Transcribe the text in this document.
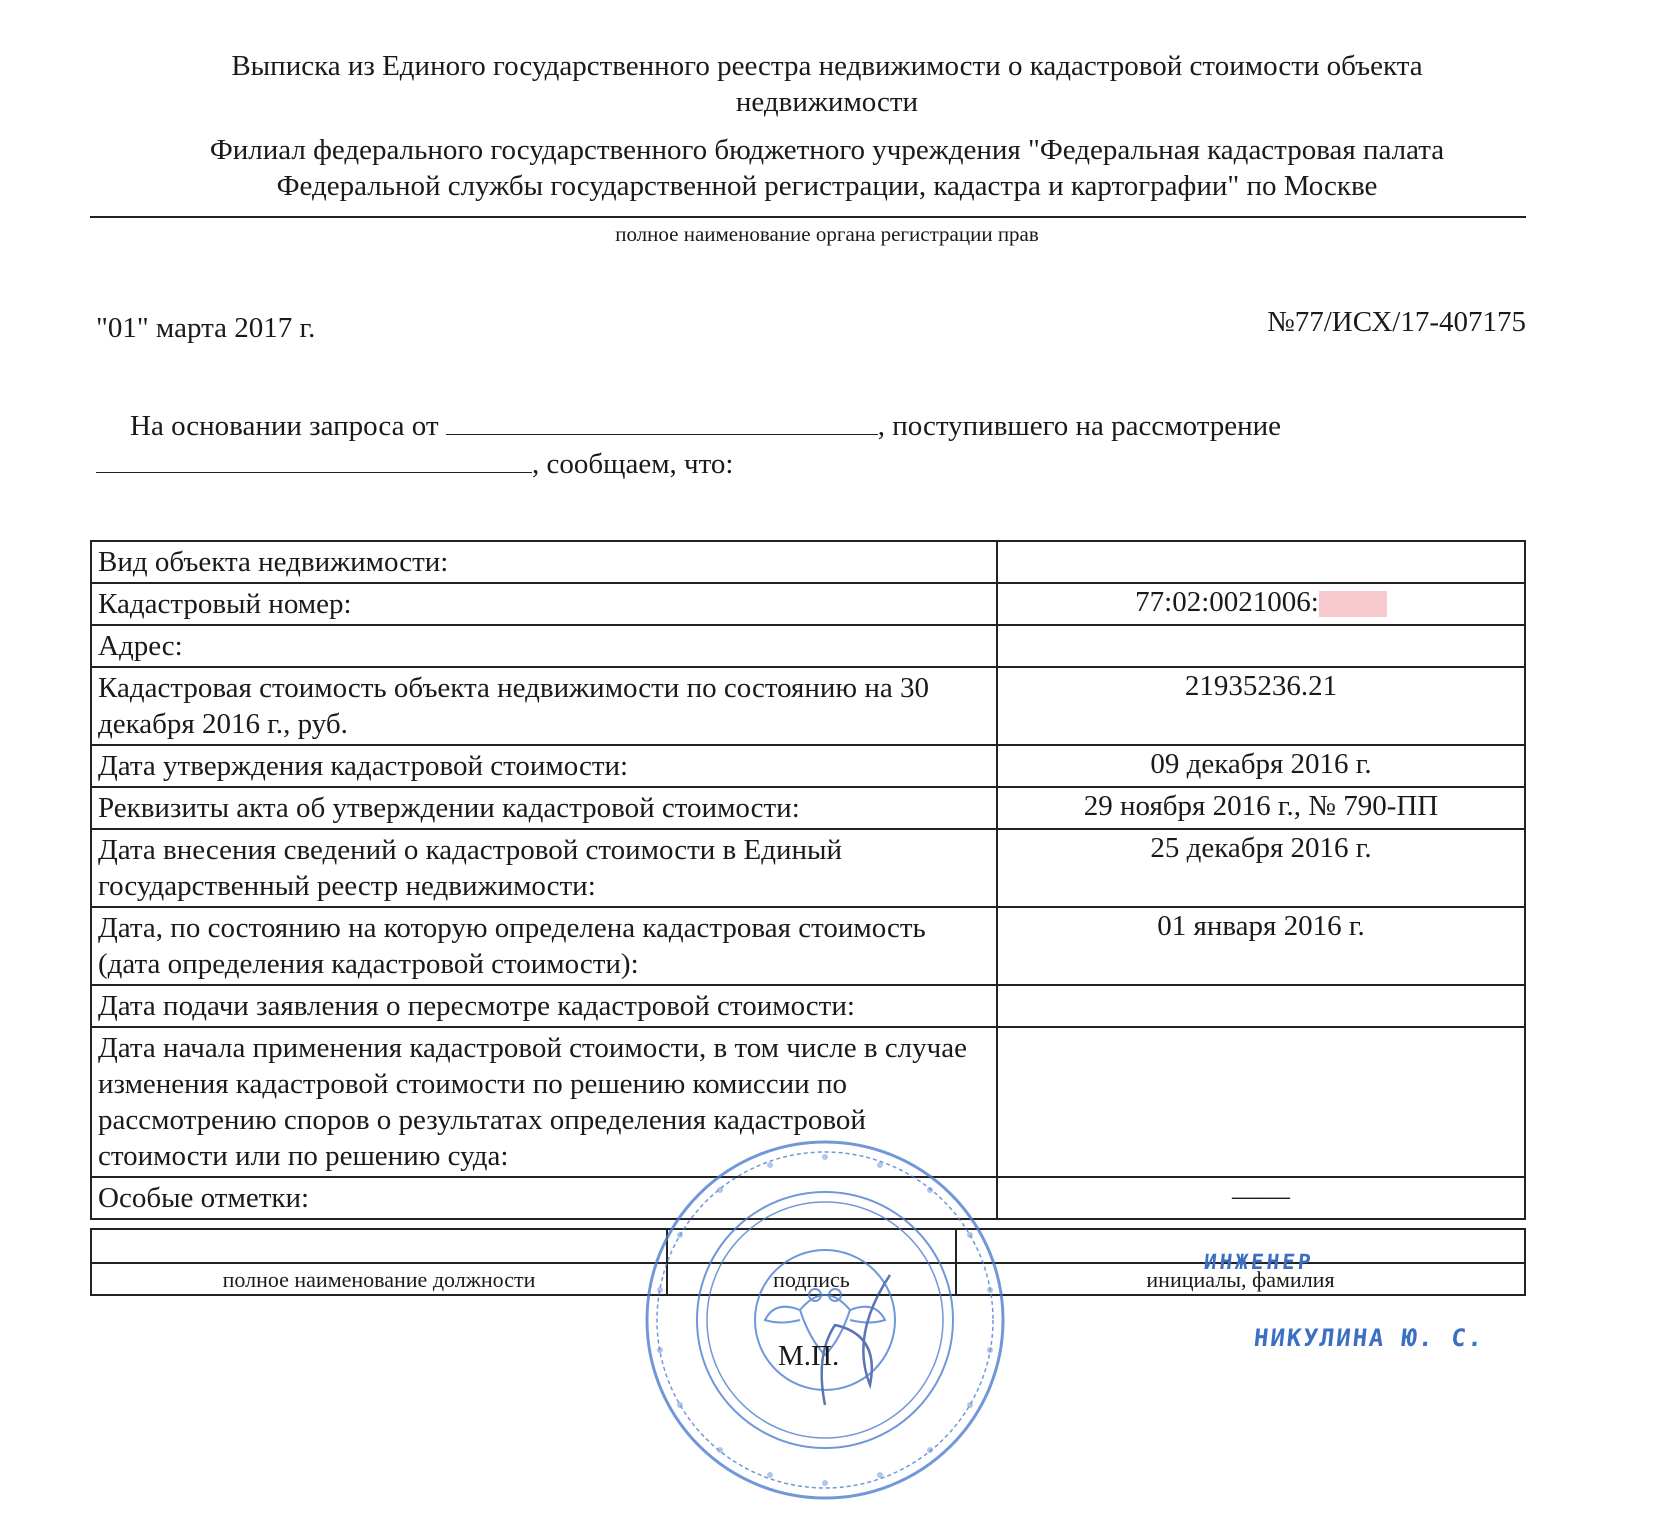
Выписка из Единого государственного реестра недвижимости о кадастровой стоимости объекта
недвижимости
Филиал федерального государственного бюджетного учреждения "Федеральная кадастровая палата
Федеральной службы государственной регистрации, кадастра и картографии" по Москве
полное наименование органа регистрации прав
"01" марта 2017 г.	№77/ИСХ/17-407175
На основании запроса от	, поступившего на рассмотрение
, сообщаем, что:
Вид объекта недвижимости:	
Кадастровый номер:	77:02:0021006:
Адрес:	
Кадастровая стоимость объекта недвижимости по состоянию на 30 декабря 2016 г., руб.	21935236.21
Дата утверждения кадастровой стоимости:	09 декабря 2016 г.
Реквизиты акта об утверждении кадастровой стоимости:	29 ноября 2016 г., № 790-ПП
Дата внесения сведений о кадастровой стоимости в Единый государственный реестр недвижимости:	25 декабря 2016 г.
Дата, по состоянию на которую определена кадастровая стоимость (дата определения кадастровой стоимости):	01 января 2016 г.
Дата подачи заявления о пересмотре кадастровой стоимости:	
Дата начала применения кадастровой стоимости, в том числе в случае изменения кадастровой стоимости по решению комиссии по рассмотрению споров о результатах определения кадастровой стоимости или по решению суда:	
Особые отметки:	——

полное наименование должности	подпись	инициалы, фамилия
М.П.
ИНЖЕНЕР
НИКУЛИНА Ю. С.
